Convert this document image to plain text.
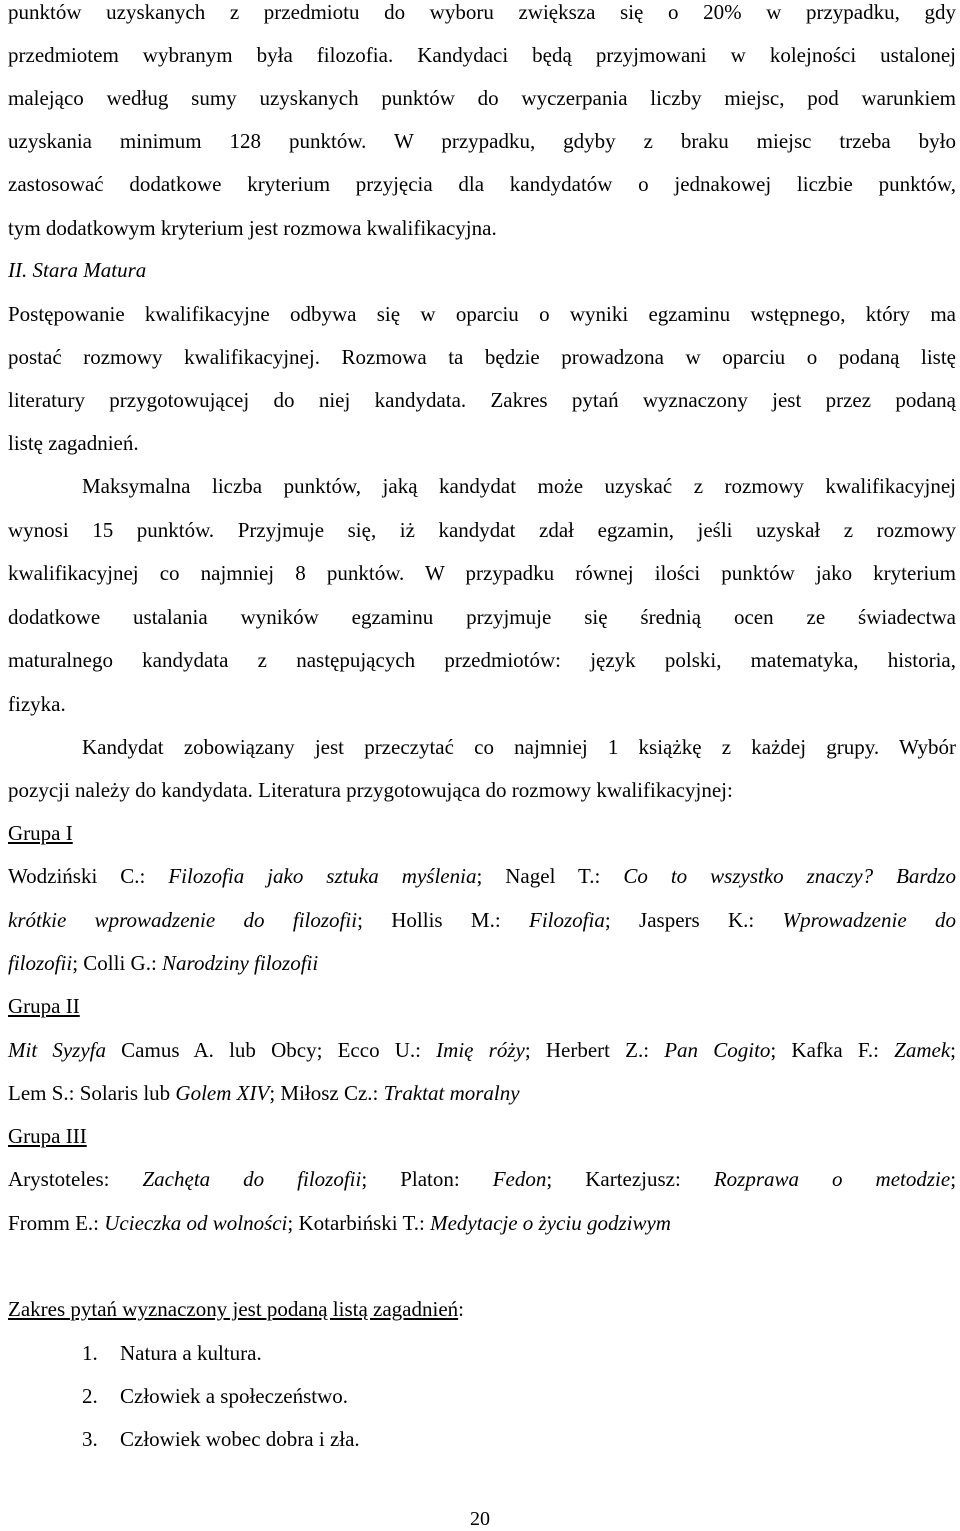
punktów uzyskanych z przedmiotu do wyboru zwiększa się o 20% w przypadku, gdy
przedmiotem wybranym była filozofia. Kandydaci będą przyjmowani w kolejności ustalonej
malejąco według sumy uzyskanych punktów do wyczerpania liczby miejsc, pod warunkiem
uzyskania minimum 128 punktów. W przypadku, gdyby z braku miejsc trzeba było
zastosować dodatkowe kryterium przyjęcia dla kandydatów o jednakowej liczbie punktów,
tym dodatkowym kryterium jest rozmowa kwalifikacyjna.
II. Stara Matura
Postępowanie kwalifikacyjne odbywa się w oparciu o wyniki egzaminu wstępnego, który ma
postać rozmowy kwalifikacyjnej. Rozmowa ta będzie prowadzona w oparciu o podaną listę
literatury przygotowującej do niej kandydata. Zakres pytań wyznaczony jest przez podaną
listę zagadnień.
Maksymalna liczba punktów, jaką kandydat może uzyskać z rozmowy kwalifikacyjnej
wynosi 15 punktów. Przyjmuje się, iż kandydat zdał egzamin, jeśli uzyskał z rozmowy
kwalifikacyjnej co najmniej 8 punktów. W przypadku równej ilości punktów jako kryterium
dodatkowe ustalania wyników egzaminu przyjmuje się średnią ocen ze świadectwa
maturalnego kandydata z następujących przedmiotów: język polski, matematyka, historia,
fizyka.
Kandydat zobowiązany jest przeczytać co najmniej 1 książkę z każdej grupy. Wybór
pozycji należy do kandydata. Literatura przygotowująca do rozmowy kwalifikacyjnej:
Grupa I
Wodziński C.: Filozofia jako sztuka myślenia; Nagel T.: Co to wszystko znaczy? Bardzo
krótkie wprowadzenie do filozofii; Hollis M.: Filozofia; Jaspers K.: Wprowadzenie do
filozofii; Colli G.: Narodziny filozofii
Grupa II
Mit Syzyfa Camus A. lub Obcy; Ecco U.: Imię róży; Herbert Z.: Pan Cogito; Kafka F.: Zamek;
Lem S.: Solaris lub Golem XIV; Miłosz Cz.: Traktat moralny
Grupa III
Arystoteles: Zachęta do filozofii; Platon: Fedon; Kartezjusz: Rozprawa o metodzie;
Fromm E.: Ucieczka od wolności; Kotarbiński T.: Medytacje o życiu godziwym
Zakres pytań wyznaczony jest podaną listą zagadnień:
1. Natura a kultura.
2. Człowiek a społeczeństwo.
3. Człowiek wobec dobra i zła.
20
